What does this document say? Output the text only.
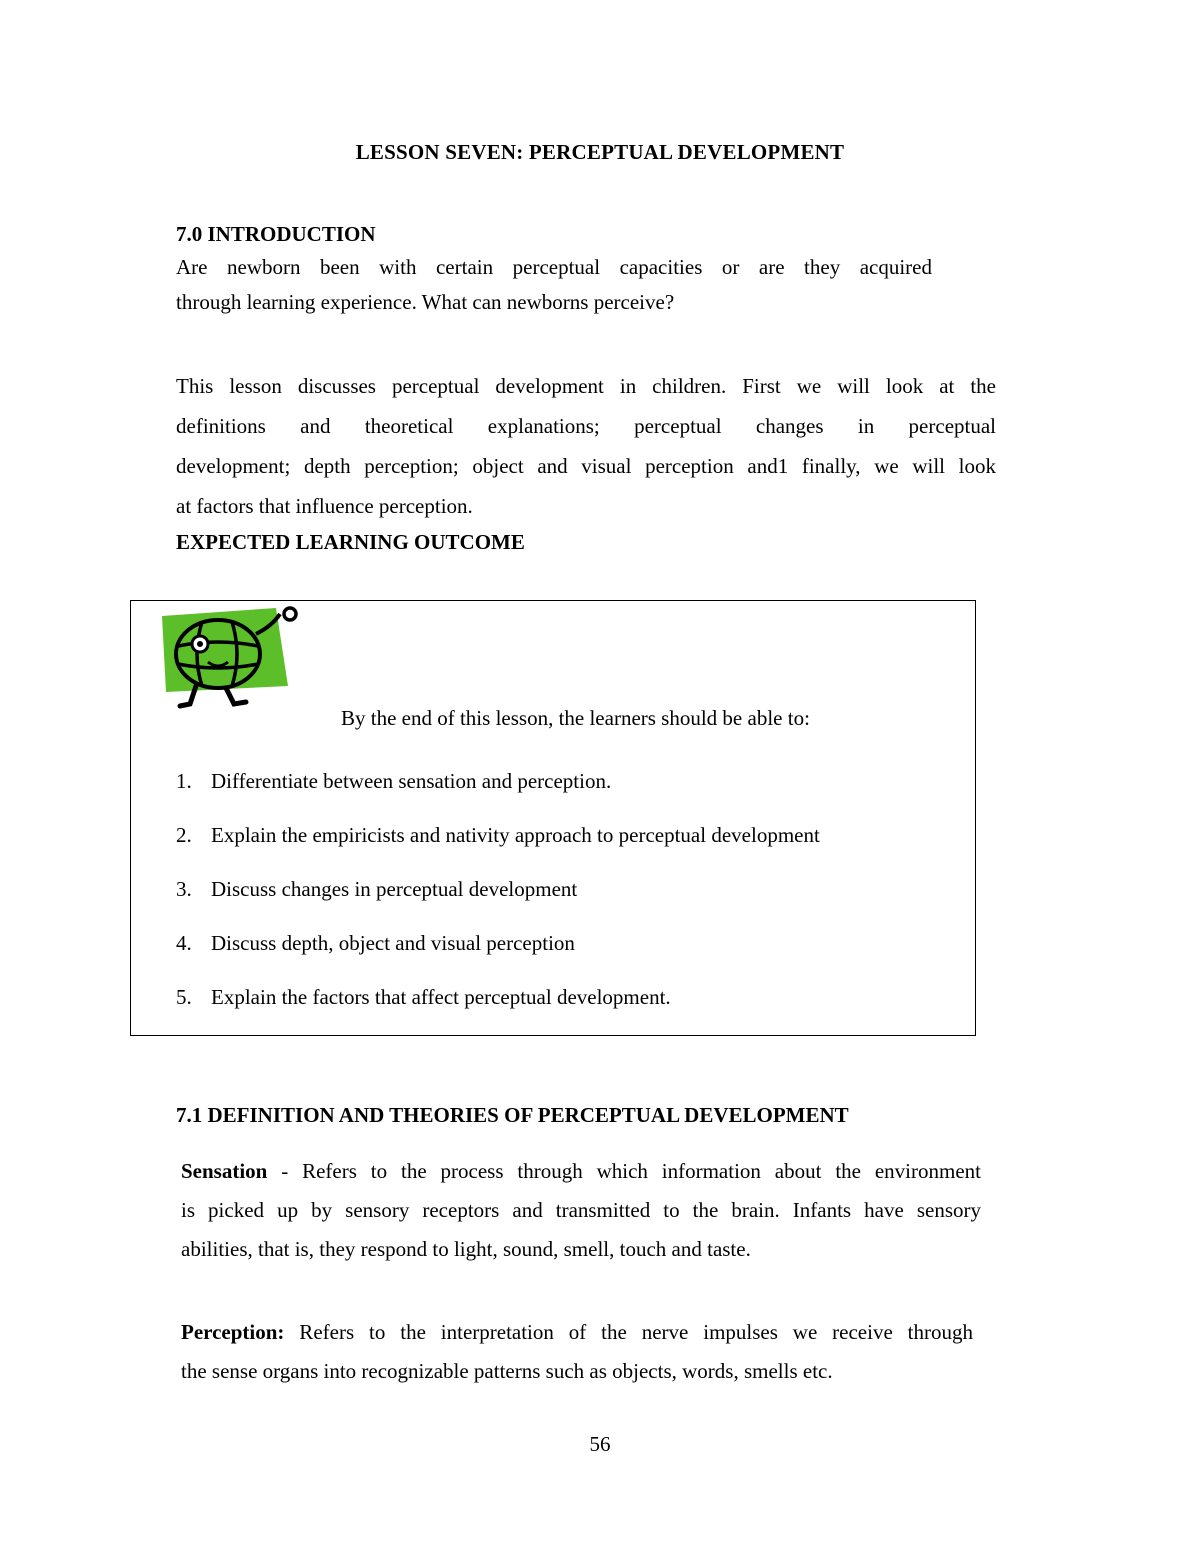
LESSON SEVEN: PERCEPTUAL DEVELOPMENT
7.0 INTRODUCTION
Are newborn been with certain perceptual capacities or are they acquired
through learning experience. What can newborns perceive?
This lesson discusses perceptual development in children. First we will look at the
definitions and theoretical explanations; perceptual changes in perceptual
development; depth perception; object and visual perception and1 finally, we will look
at factors that influence perception.
EXPECTED LEARNING OUTCOME
By the end of this lesson, the learners should be able to:
1. Differentiate between sensation and perception.
2. Explain the empiricists and nativity approach to perceptual development
3. Discuss changes in perceptual development
4. Discuss depth, object and visual perception
5. Explain the factors that affect perceptual development.
7.1 DEFINITION AND THEORIES OF PERCEPTUAL DEVELOPMENT
Sensation - Refers to the process through which information about the environment
is picked up by sensory receptors and transmitted to the brain. Infants have sensory
abilities, that is, they respond to light, sound, smell, touch and taste.
Perception: Refers to the interpretation of the nerve impulses we receive through
the sense organs into recognizable patterns such as objects, words, smells etc.
56
